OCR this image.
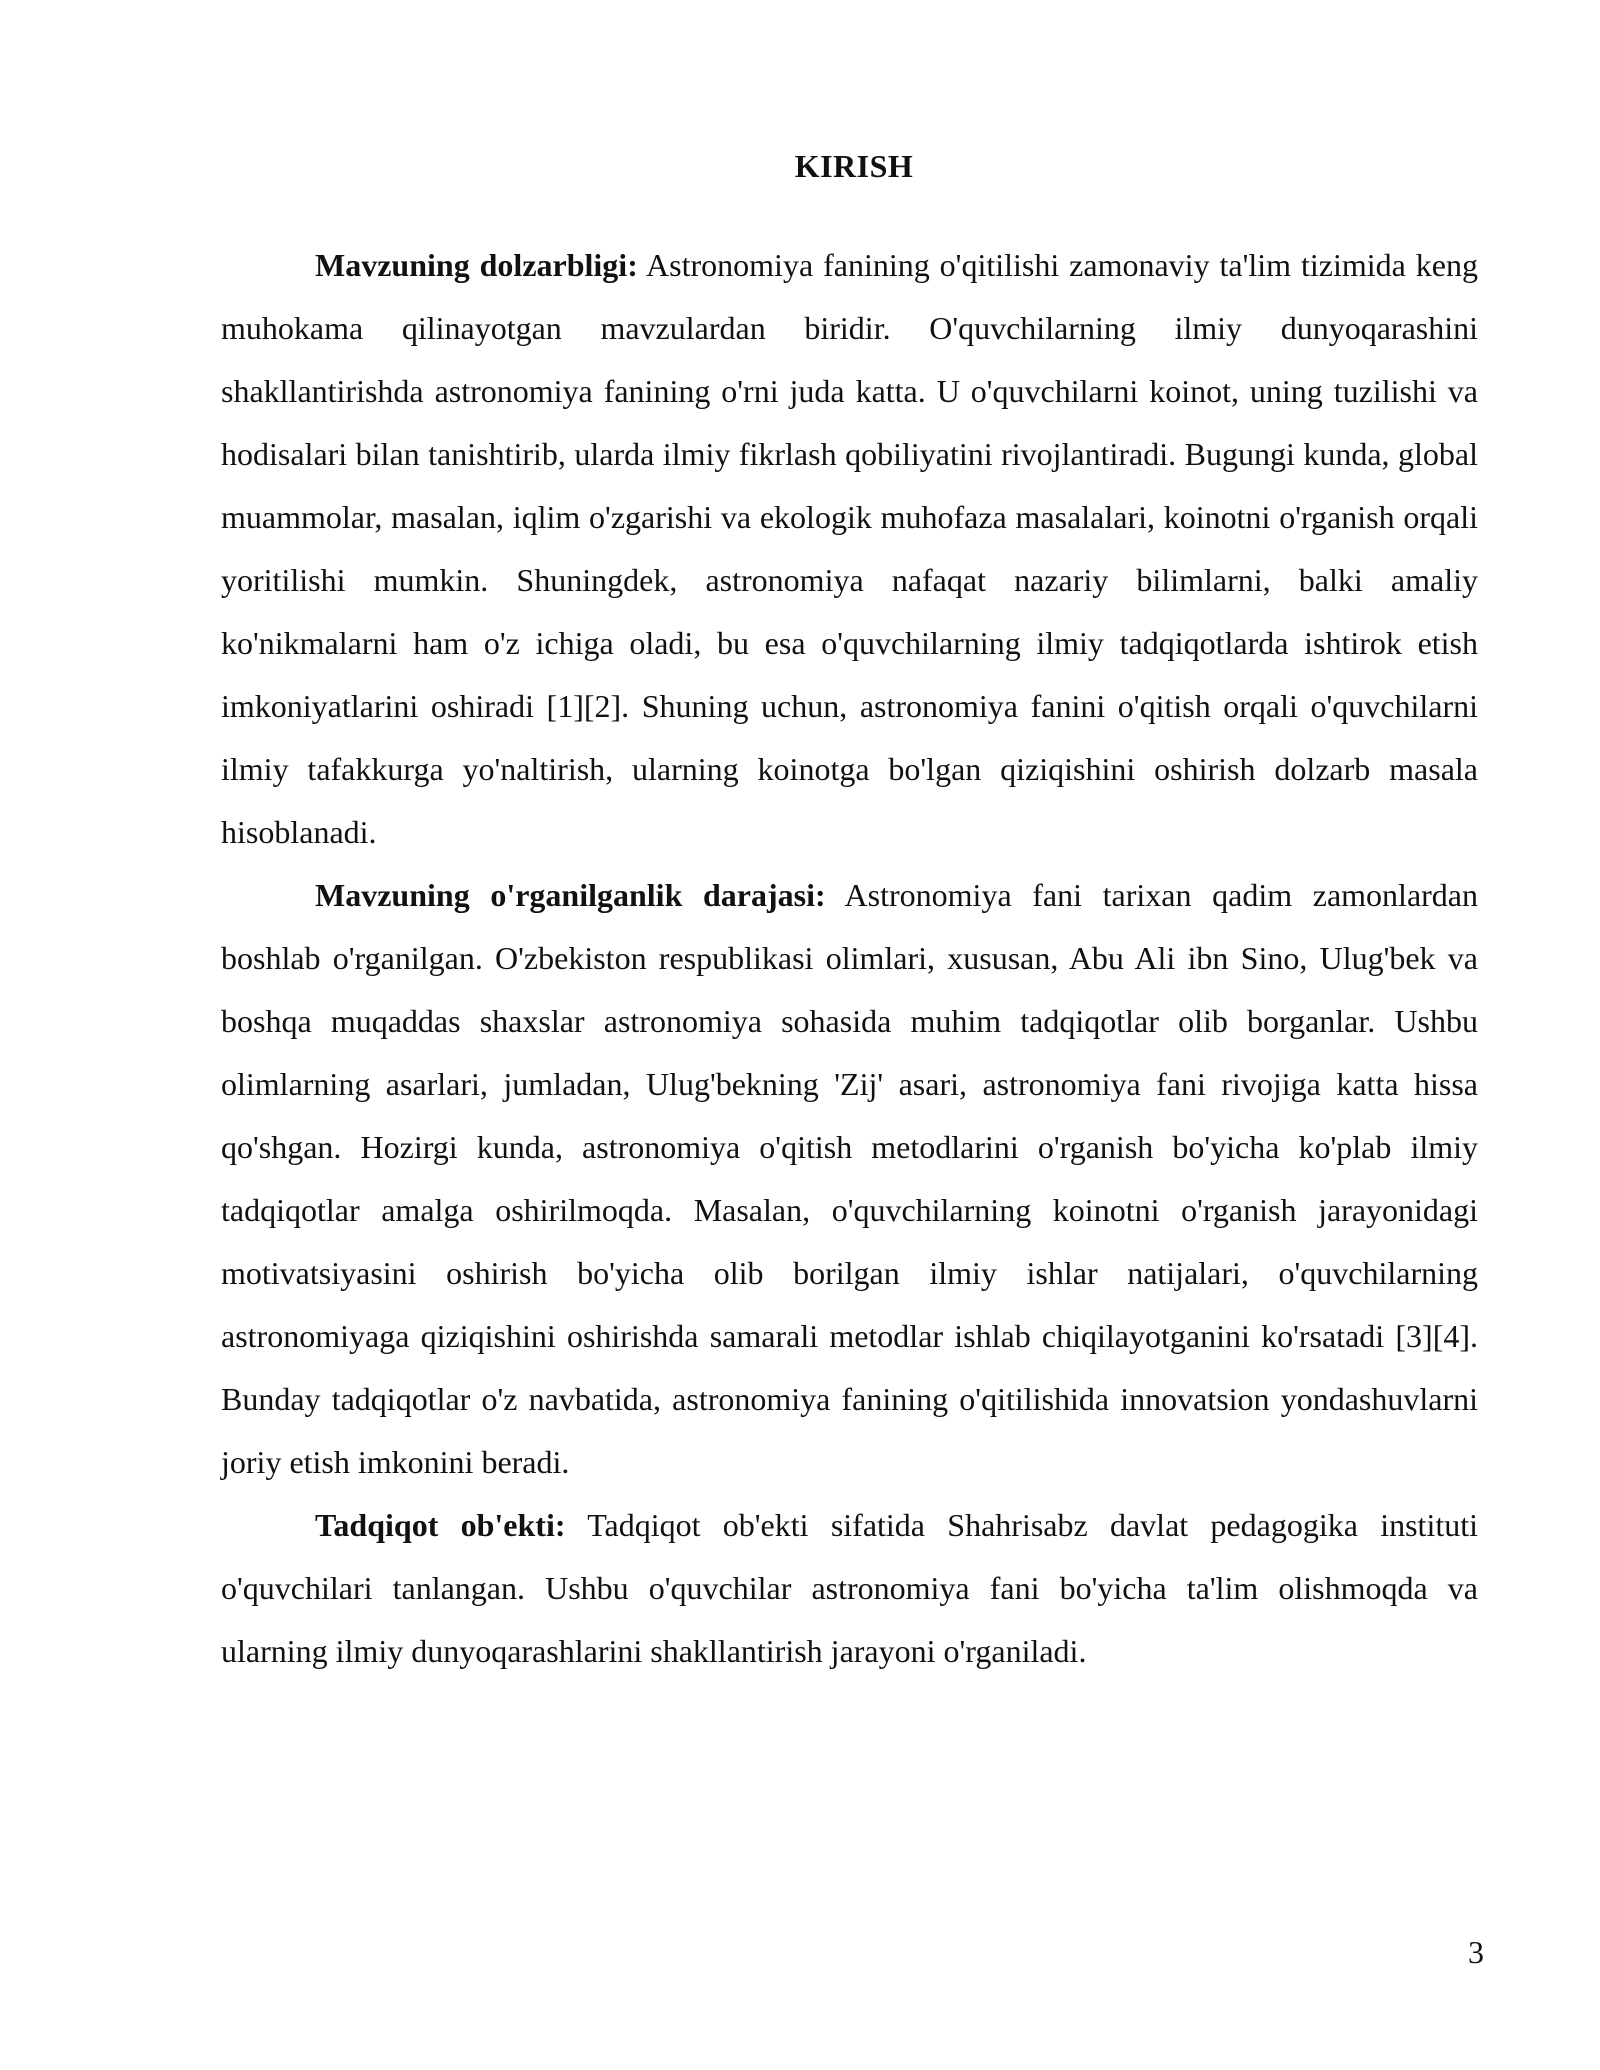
KIRISH

Mavzuning dolzarbligi: Astronomiya fanining o'qitilishi zamonaviy ta'lim tizimida keng muhokama qilinayotgan mavzulardan biridir. O'quvchilarning ilmiy dunyoqarashini shakllantirishda astronomiya fanining o'rni juda katta. U o'quvchilarni koinot, uning tuzilishi va hodisalari bilan tanishtirib, ularda ilmiy fikrlash qobiliyatini rivojlantiradi. Bugungi kunda, global muammolar, masalan, iqlim o'zgarishi va ekologik muhofaza masalalari, koinotni o'rganish orqali yoritilishi mumkin. Shuningdek, astronomiya nafaqat nazariy bilimlarni, balki amaliy ko'nikmalarni ham o'z ichiga oladi, bu esa o'quvchilarning ilmiy tadqiqotlarda ishtirok etish imkoniyatlarini oshiradi [1][2]. Shuning uchun, astronomiya fanini o'qitish orqali o'quvchilarni ilmiy tafakkurga yo'naltirish, ularning koinotga bo'lgan qiziqishini oshirish dolzarb masala hisoblanadi.

Mavzuning o'rganilganlik darajasi: Astronomiya fani tarixan qadim zamonlardan boshlab o'rganilgan. O'zbekiston respublikasi olimlari, xususan, Abu Ali ibn Sino, Ulug'bek va boshqa muqaddas shaxslar astronomiya sohasida muhim tadqiqotlar olib borganlar. Ushbu olimlarning asarlari, jumladan, Ulug'bekning 'Zij' asari, astronomiya fani rivojiga katta hissa qo'shgan. Hozirgi kunda, astronomiya o'qitish metodlarini o'rganish bo'yicha ko'plab ilmiy tadqiqotlar amalga oshirilmoqda. Masalan, o'quvchilarning koinotni o'rganish jarayonidagi motivatsiyasini oshirish bo'yicha olib borilgan ilmiy ishlar natijalari, o'quvchilarning astronomiyaga qiziqishini oshirishda samarali metodlar ishlab chiqilayotganini ko'rsatadi [3][4]. Bunday tadqiqotlar o'z navbatida, astronomiya fanining o'qitilishida innovatsion yondashuvlarni joriy etish imkonini beradi.

Tadqiqot ob'ekti: Tadqiqot ob'ekti sifatida Shahrisabz davlat pedagogika instituti o'quvchilari tanlangan. Ushbu o'quvchilar astronomiya fani bo'yicha ta'lim olishmoqda va ularning ilmiy dunyoqarashlarini shakllantirish jarayoni o'rganiladi.

3
